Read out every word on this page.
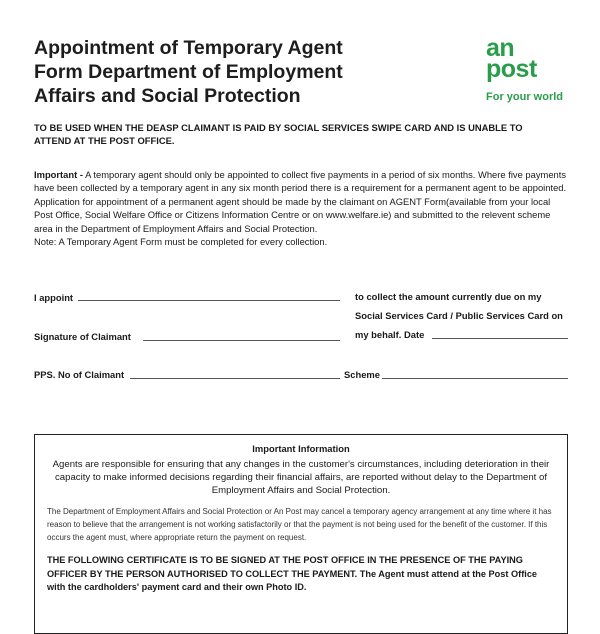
Appointment of Temporary Agent
Form Department of Employment
Affairs and Social Protection
an
post
For your world
TO BE USED WHEN THE DEASP CLAIMANT IS PAID BY SOCIAL SERVICES SWIPE CARD AND IS UNABLE TO ATTEND AT THE POST OFFICE.
Important - A temporary agent should only be appointed to collect five payments in a period of six months. Where five payments have been collected by a temporary agent in any six month period there is a requirement for a permanent agent to be appointed. Application for appointment of a permanent agent should be made by the claimant on AGENT Form(available from your local Post Office, Social Welfare Office or Citizens Information Centre or on www.welfare.ie) and submitted to the relevent scheme area in the Department of Employment Affairs and Social Protection.
Note: A Temporary Agent Form must be completed for every collection.
I appoint	to collect the amount currently due on my
Social Services Card / Public Services Card on
my behalf. Date
Signature of Claimant
PPS. No of Claimant	Scheme
Important Information
Agents are responsible for ensuring that any changes in the customer's circumstances, including deterioration in their capacity to make informed decisions regarding their financial affairs, are reported without delay to the Department of Employment Affairs and Social Protection.
The Department of Employment Affairs and Social Protection or An Post may cancel a temporary agency arrangement at any time where it has reason to believe that the arrangement is not working satisfactorily or that the payment is not being used for the benefit of the customer. If this occurs the agent must, where appropriate return the payment on request.
THE FOLLOWING CERTIFICATE IS TO BE SIGNED AT THE POST OFFICE IN THE PRESENCE OF THE PAYING OFFICER BY THE PERSON AUTHORISED TO COLLECT THE PAYMENT. The Agent must attend at the Post Office with the cardholders' payment card and their own Photo ID.
